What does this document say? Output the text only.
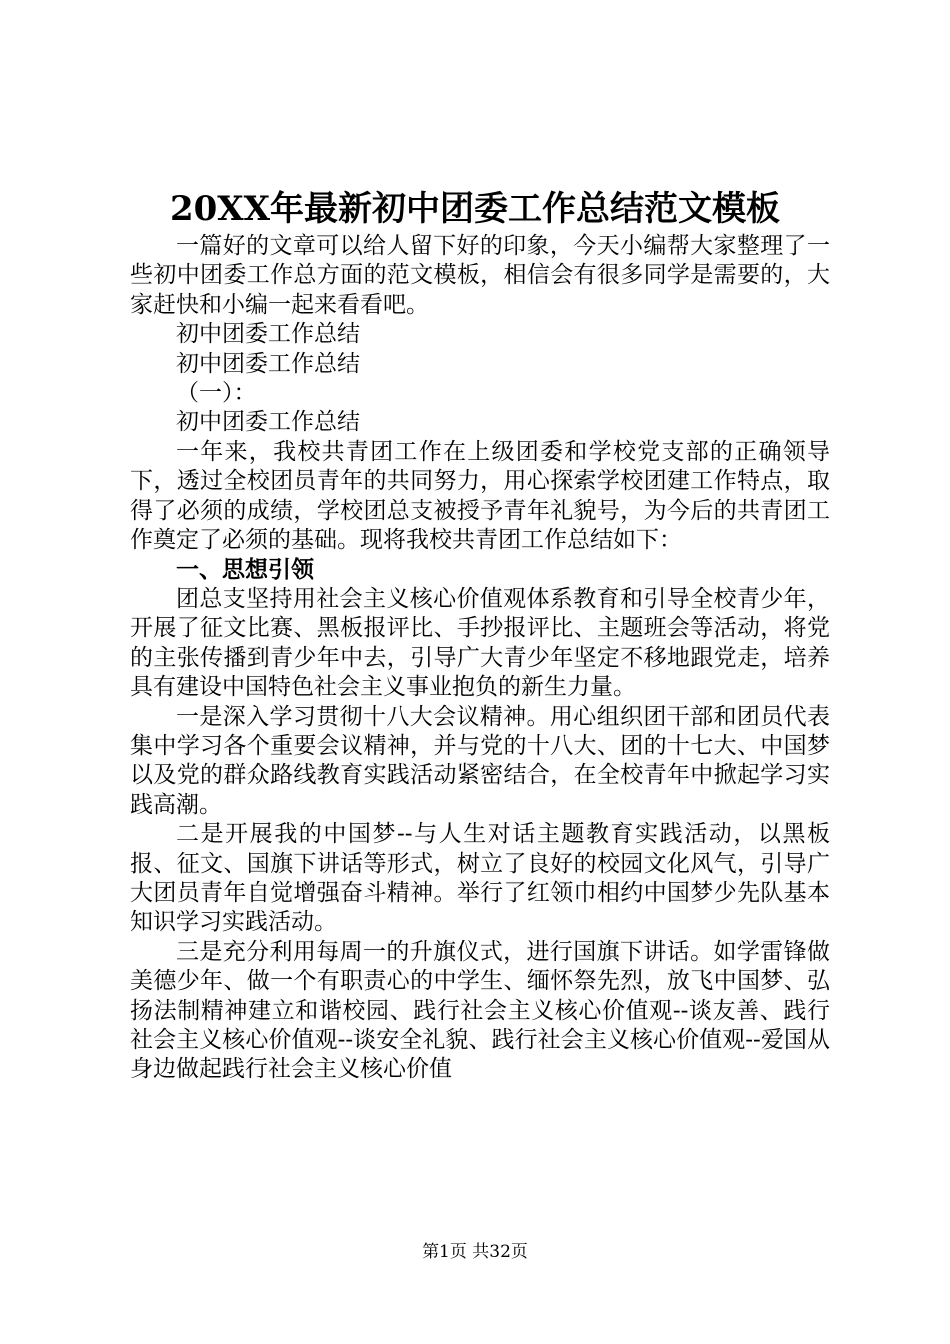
20XX年最新初中团委工作总结范文模板

一篇好的文章可以给人留下好的印象，今天小编帮大家整理了一些初中团委工作总方面的范文模板，相信会有很多同学是需要的，大家赶快和小编一起来看看吧。

初中团委工作总结

初中团委工作总结

（一）：

初中团委工作总结

一年来，我校共青团工作在上级团委和学校党支部的正确领导下，透过全校团员青年的共同努力，用心探索学校团建工作特点，取得了必须的成绩，学校团总支被授予青年礼貌号，为今后的共青团工作奠定了必须的基础。现将我校共青团工作总结如下：

一、思想引领

团总支坚持用社会主义核心价值观体系教育和引导全校青少年，开展了征文比赛、黑板报评比、手抄报评比、主题班会等活动，将党的主张传播到青少年中去，引导广大青少年坚定不移地跟党走，培养具有建设中国特色社会主义事业抱负的新生力量。

一是深入学习贯彻十八大会议精神。用心组织团干部和团员代表集中学习各个重要会议精神，并与党的十八大、团的十七大、中国梦以及党的群众路线教育实践活动紧密结合，在全校青年中掀起学习实践高潮。

二是开展我的中国梦--与人生对话主题教育实践活动，以黑板报、征文、国旗下讲话等形式，树立了良好的校园文化风气，引导广大团员青年自觉增强奋斗精神。举行了红领巾相约中国梦少先队基本知识学习实践活动。

三是充分利用每周一的升旗仪式，进行国旗下讲话。如学雷锋做美德少年、做一个有职责心的中学生、缅怀祭先烈，放飞中国梦、弘扬法制精神建立和谐校园、践行社会主义核心价值观--谈友善、践行社会主义核心价值观--谈安全礼貌、践行社会主义核心价值观--爱国从身边做起践行社会主义核心价值

第1页 共32页
